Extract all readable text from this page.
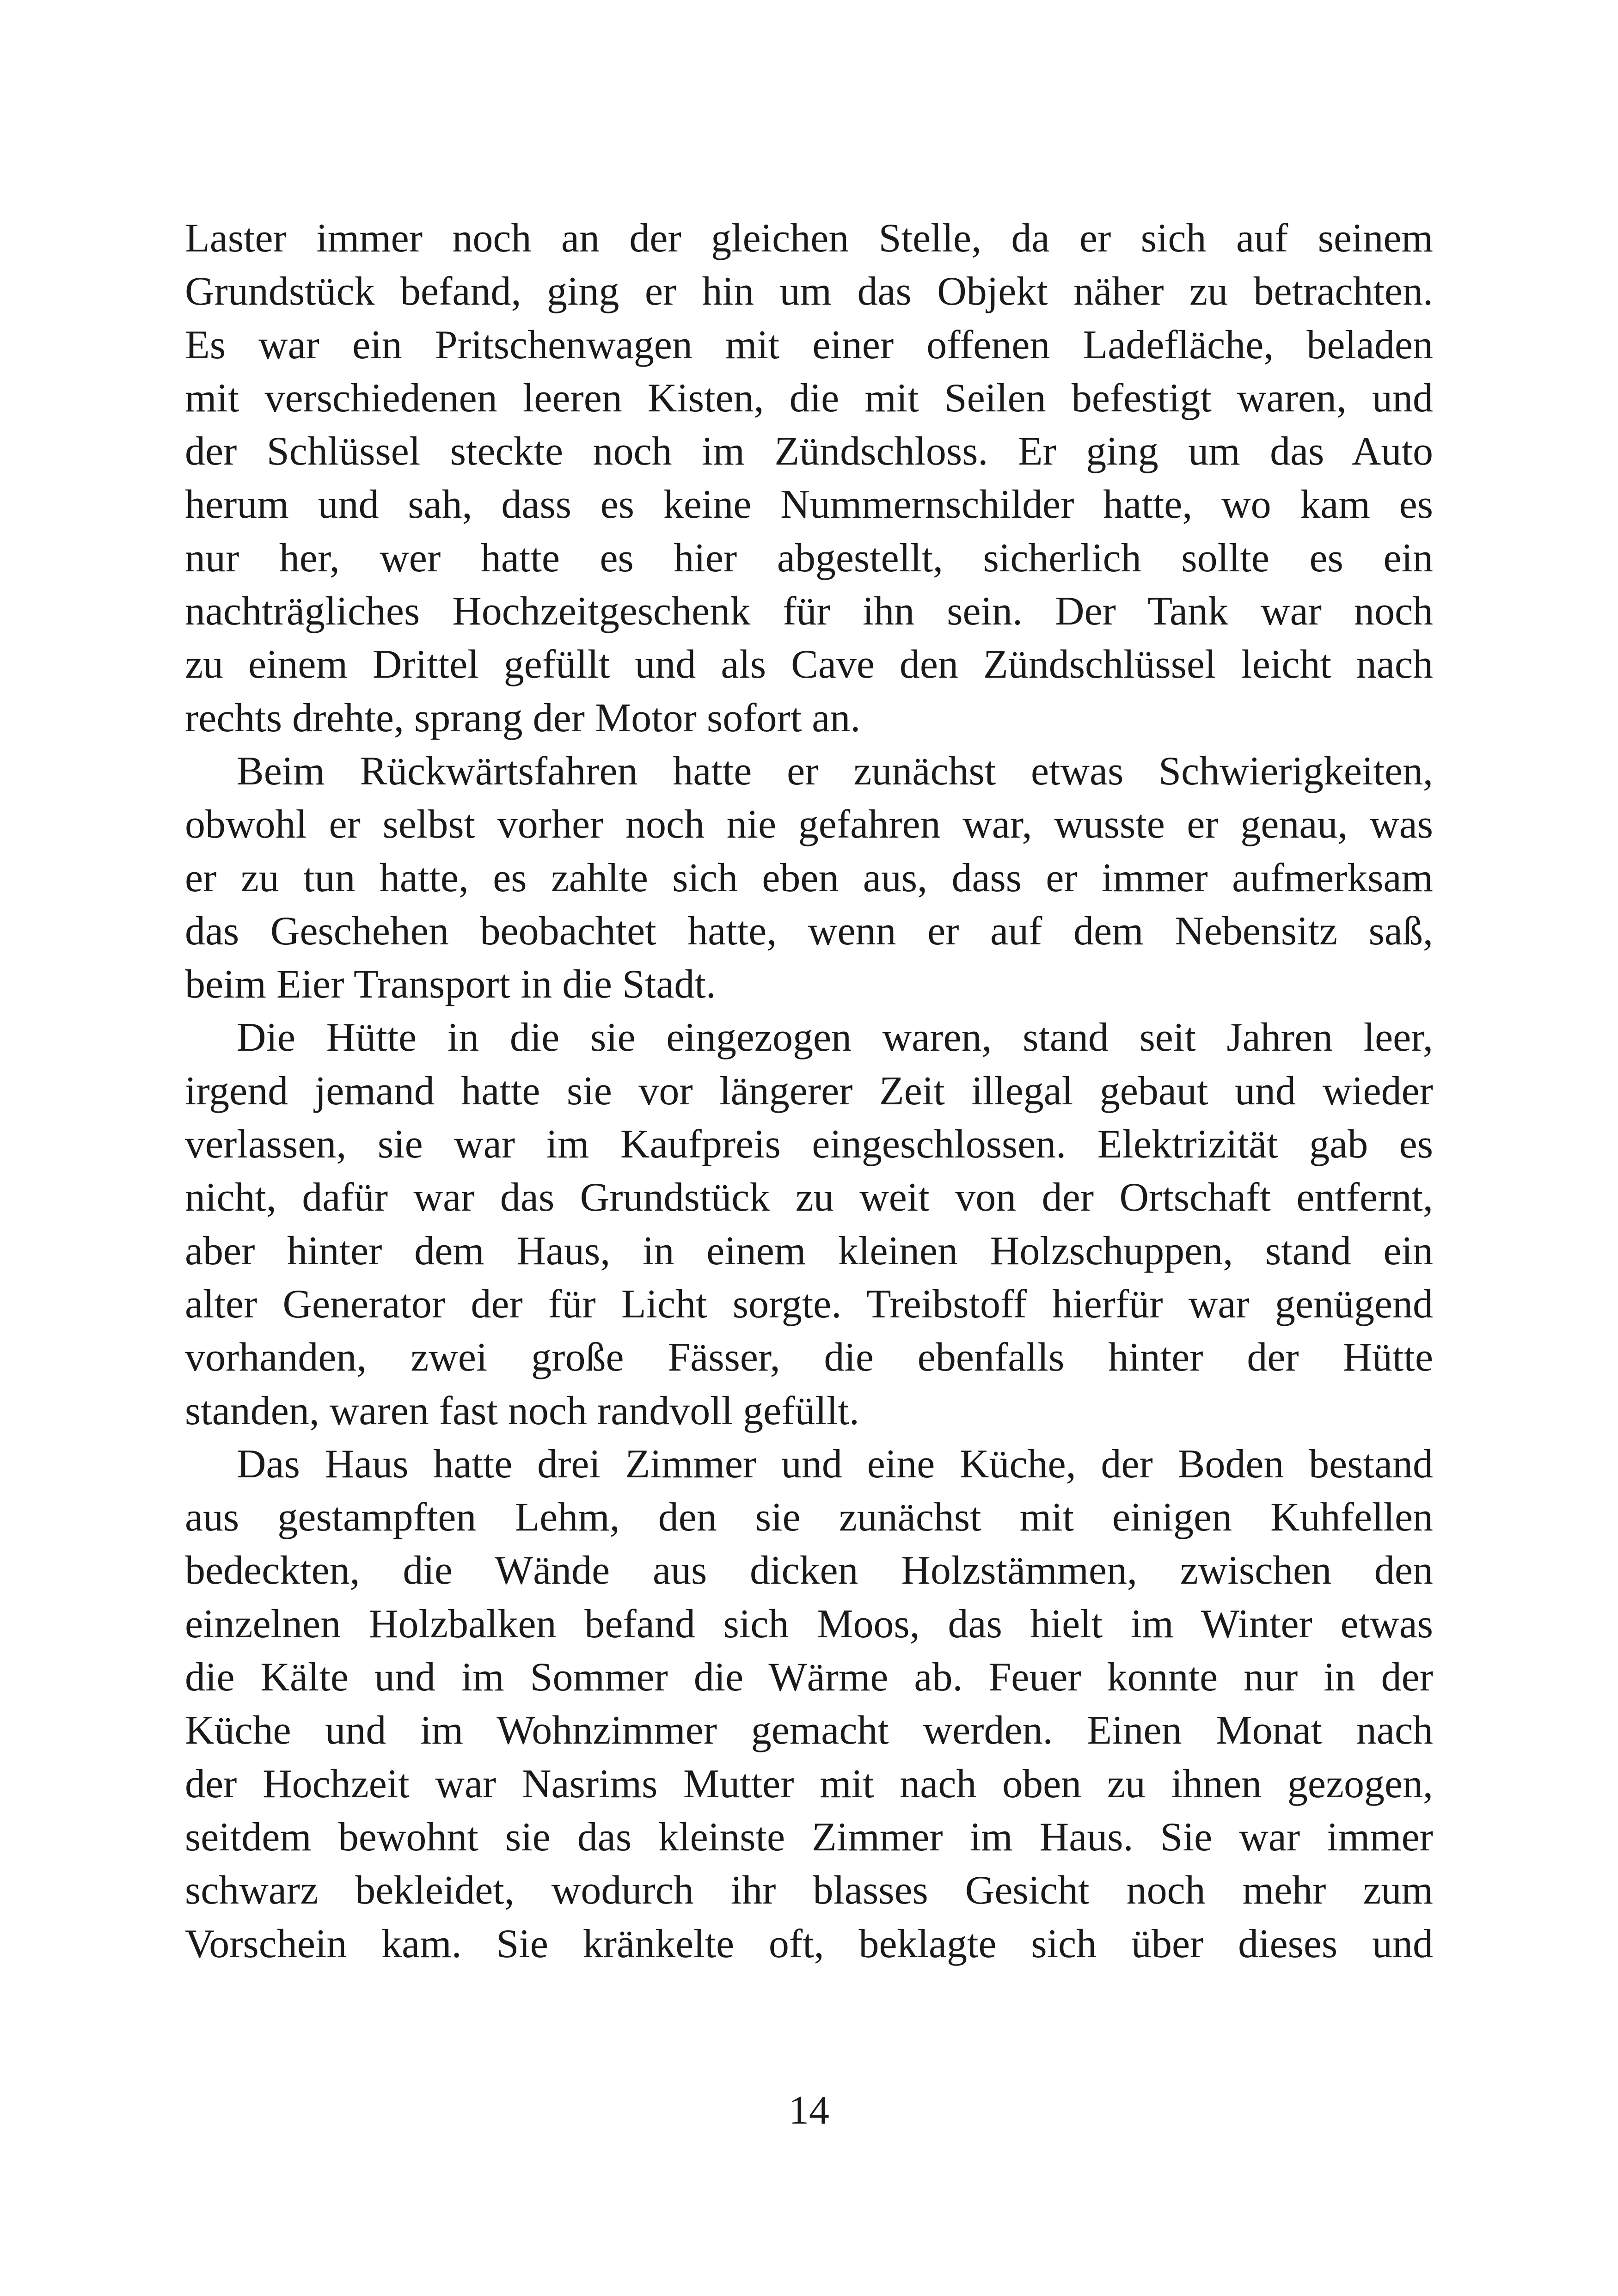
Laster immer noch an der gleichen Stelle, da er sich auf seinem
Grundstück befand, ging er hin um das Objekt näher zu betrachten.
Es war ein Pritschenwagen mit einer offenen Ladefläche, beladen
mit verschiedenen leeren Kisten, die mit Seilen befestigt waren, und
der Schlüssel steckte noch im Zündschloss. Er ging um das Auto
herum und sah, dass es keine Nummernschilder hatte, wo kam es
nur her, wer hatte es hier abgestellt, sicherlich sollte es ein
nachträgliches Hochzeitgeschenk für ihn sein. Der Tank war noch
zu einem Drittel gefüllt und als Cave den Zündschlüssel leicht nach
rechts drehte, sprang der Motor sofort an.
Beim Rückwärtsfahren hatte er zunächst etwas Schwierigkeiten,
obwohl er selbst vorher noch nie gefahren war, wusste er genau, was
er zu tun hatte, es zahlte sich eben aus, dass er immer aufmerksam
das Geschehen beobachtet hatte, wenn er auf dem Nebensitz saß,
beim Eier Transport in die Stadt.
Die Hütte in die sie eingezogen waren, stand seit Jahren leer,
irgend jemand hatte sie vor längerer Zeit illegal gebaut und wieder
verlassen, sie war im Kaufpreis eingeschlossen. Elektrizität gab es
nicht, dafür war das Grundstück zu weit von der Ortschaft entfernt,
aber hinter dem Haus, in einem kleinen Holzschuppen, stand ein
alter Generator der für Licht sorgte. Treibstoff hierfür war genügend
vorhanden, zwei große Fässer, die ebenfalls hinter der Hütte
standen, waren fast noch randvoll gefüllt.
Das Haus hatte drei Zimmer und eine Küche, der Boden bestand
aus gestampften Lehm, den sie zunächst mit einigen Kuhfellen
bedeckten, die Wände aus dicken Holzstämmen, zwischen den
einzelnen Holzbalken befand sich Moos, das hielt im Winter etwas
die Kälte und im Sommer die Wärme ab. Feuer konnte nur in der
Küche und im Wohnzimmer gemacht werden. Einen Monat nach
der Hochzeit war Nasrims Mutter mit nach oben zu ihnen gezogen,
seitdem bewohnt sie das kleinste Zimmer im Haus. Sie war immer
schwarz bekleidet, wodurch ihr blasses Gesicht noch mehr zum
Vorschein kam. Sie kränkelte oft, beklagte sich über dieses und
14
